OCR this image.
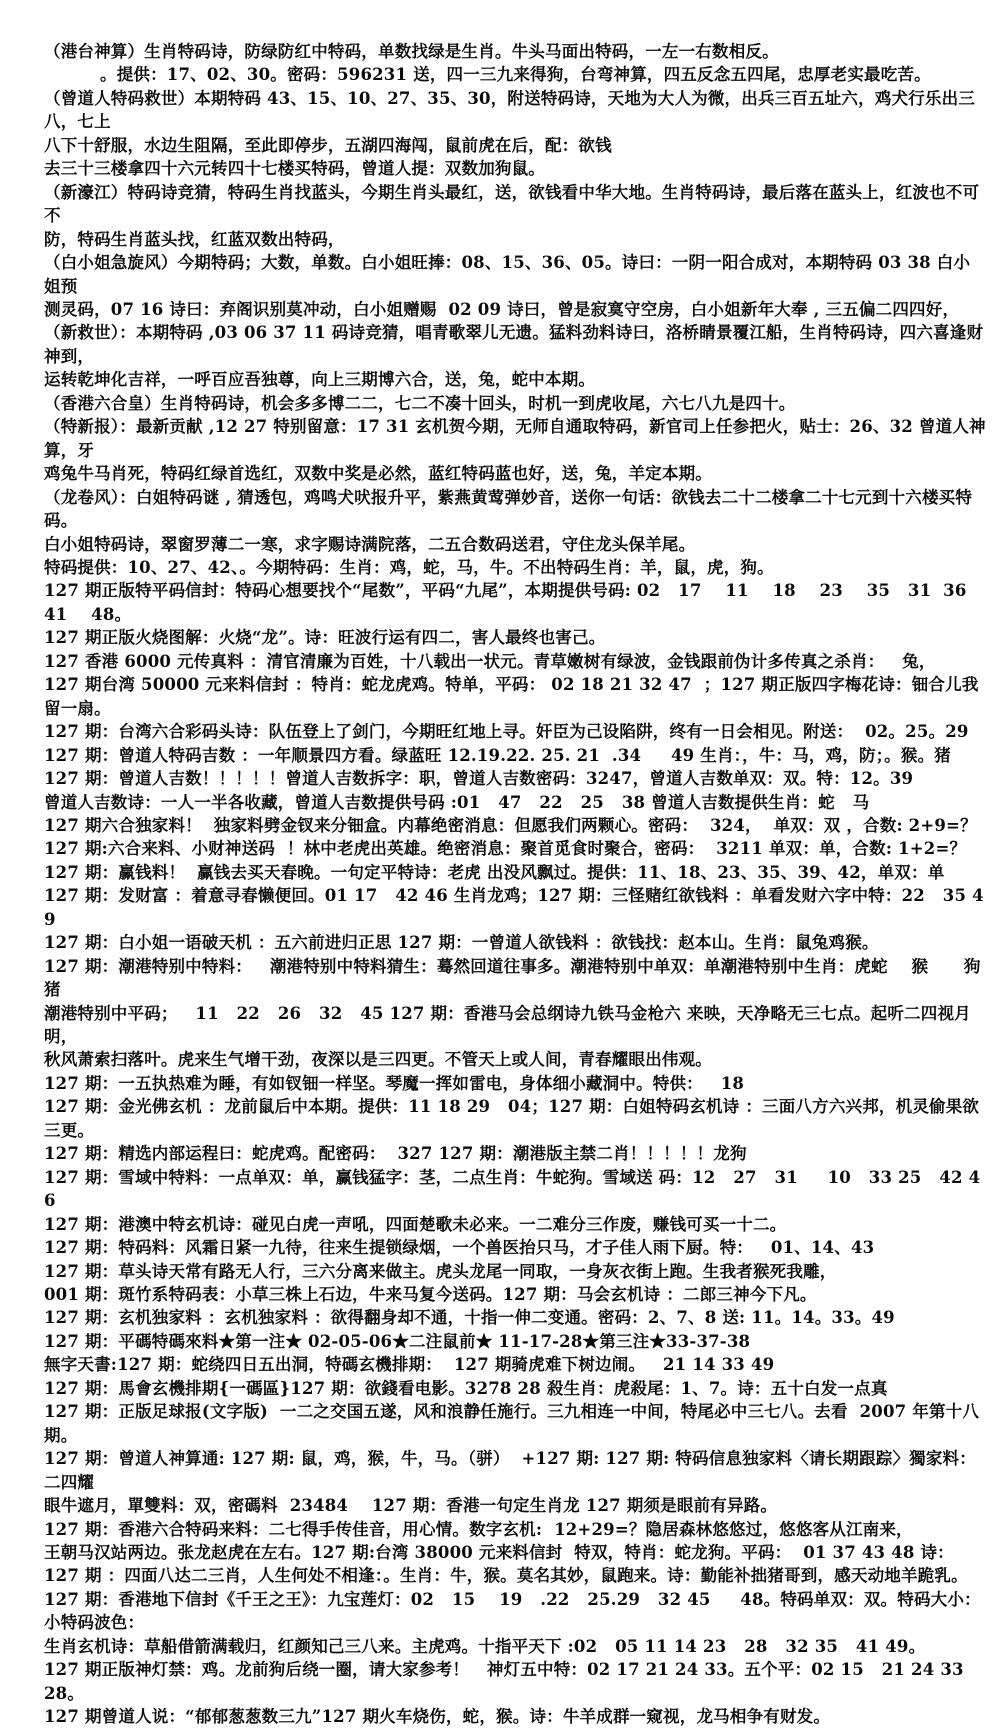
（港台神算）生肖特码诗，防绿防红中特码，单数找绿是生肖。牛头马面出特码，一左一右数相反。
。提供：17、02、30。密码：596231 送，四一三九来得狗，台弯神算，四五反念五四尾，忠厚老实最吃苦。
（曾道人特码救世）本期特码 43、15、10、27、35、30，附送特码诗，天地为大人为微，出兵三百五址六，鸡犬行乐出三八，七上
八下十舒服，水边生阻隔，至此即停步，五湖四海闯，鼠前虎在后，配：欲钱
去三十三楼拿四十六元转四十七楼买特码，曾道人提：双数加狗鼠。
（新濠江）特码诗竞猜，特码生肖找蓝头，今期生肖头最红，送，欲钱看中华大地。生肖特码诗，最后落在蓝头上，红波也不可不
防，特码生肖蓝头找，红蓝双数出特码，
（白小姐急旋风）今期特码；大数，单数。白小姐旺捧：08、15、36、05。诗曰：一阴一阳合成对，本期特码 03 38 白小姐预
测灵码，07 16 诗曰：弃阁识别莫冲动，白小姐赠赐  02 09 诗曰，曾是寂寞守空房，白小姐新年大奉 , 三五偏二四四好，
（新救世）：本期特码 ,03 06 37 11 码诗竞猜，唱青歌翠儿无遗。猛料劲料诗曰，洛桥睛景覆江船，生肖特码诗，四六喜逢财神到，
运转乾坤化吉祥，一呼百应吾独尊，向上三期博六合，送，兔，蛇中本期。
（香港六合皇）生肖特码诗，机会多多博二二，七二不凑十回头，时机一到虎收尾，六七八九是四十。
（特新报）：最新贡献 ,12 27 特别留意：17 31 玄机贺今期，无师自通取特码，新官司上任参把火，贴士：26、32 曾道人神算，牙
鸡兔牛马肖死，特码红绿首选红，双数中奖是必然，蓝红特码蓝也好，送，兔，羊定本期。
（龙卷风）：白姐特码谜 , 猜透包，鸡鸣犬吠报升平，紫燕黄莺弹妙音，送你一句话：欲钱去二十二楼拿二十七元到十六楼买特码。
白小姐特码诗，翠窗罗薄二一寒，求字赐诗满院落，二五合数码送君，守住龙头保羊尾。
特码提供：10、27、42、。今期特码：生肖：鸡，蛇，马，牛。不出特码生肖：羊，鼠，虎，狗。
127 期正版特平码信封：特码心想要找个“尾数”，平码“九尾”，本期提供号码: 02   17    11    18    23    35   31  36  41    48。
127 期正版火烧图解：火烧“龙”。诗：旺波行运有四二，害人最终也害己。
127 香港 6000 元传真料 ：清官清廉为百姓，十八载出一状元。青草嫩树有绿波，金钱跟前伪计多传真之杀肖：   兔，
127 期台湾 50000 元来料信封 ：特肖：蛇龙虎鸡。特单，平码： 02 18 21 32 47  ；127 期正版四字梅花诗：钿合儿我留一扇。
127 期：台湾六合彩码头诗：队伍登上了剑门，今期旺红地上寻。奸臣为己设陷阱，终有一日会相见。附送：  02。25。29
127 期：曾道人特码吉数 ：一年顺景四方看。绿蓝旺 12.19.22. 25. 21  .34     49 生肖：，牛：马，鸡，防；。猴。猪
127 期：曾道人吉数！！！！！曾道人吉数拆字：职，曾道人吉数密码：3247，曾道人吉数单双：双。特：12。39
曾道人吉数诗：一人一半各收藏，曾道人吉数提供号码 :01   47   22   25   38 曾道人吉数提供生肖：蛇   马
127 期六合独家料！  独家料劈金钗来分钿盒。内幕绝密消息：但愿我们两颗心。密码：  324，  单双：双 ，合数: 2+9=？
127 期:六合来料、小财神送码  ！林中老虎出英雄。绝密消息：聚首觅食时聚合，密码：  3211 单双：单，合数: 1+2=？
127 期：赢钱料！  赢钱去买天春晚。一句定平特诗：老虎 出没风飘过。提供：11、18、23、35、39、42，单双：单
127 期：发财富 ：着意寻春懒便回。01 17   42 46 生肖龙鸡；127 期：三怪赌红欲钱料 ：单看发财六字中特：22   35 49
127 期：白小姐一语破天机 ：五六前进归正思 127 期：一曾道人欲钱料 ：欲钱找：赵本山。生肖：鼠兔鸡猴。
127 期：潮港特别中特料：   潮港特别中特料猜生：蓦然回道往事多。潮港特别中单双：单潮港特别中生肖：虎蛇    猴      狗猪
潮港特别中平码；   11   22   26   32   45 127 期：香港马会总纲诗九铁马金枪六 来映，天净略无三七点。起听二四视月明，
秋风萧索扫落叶。虎来生气增干劲，夜深以是三四更。不管天上或人间，青春耀眼出伟观。
127 期：一五执热难为睡，有如钗钿一样坚。琴魔一挥如雷电，身体细小藏洞中。特供：   18
127 期：金光佛玄机 ：龙前鼠后中本期。提供：11 18 29   04；127 期：白姐特码玄机诗 ：三面八方六兴邦，机灵偷果欲三更。
127 期：精选内部运程曰：蛇虎鸡。配密码：  327 127 期：潮港版主禁二肖！！！！！龙狗
127 期：雪域中特料：一点单双：单，赢钱猛字：茎，二点生肖：牛蛇狗。雪域送 码：12   27   31     10   33 25   42 46
127 期：港澳中特玄机诗：碰见白虎一声吼，四面楚歌未必来。一二难分三作废，赚钱可买一十二。
127 期：特码料：风霜日紧一九待，往来生提锁绿烟，一个兽医抬只马，才子佳人雨下厨。特：   01、14、43
127 期：草头诗天常有路无人行，三六分离来做主。虎头龙尾一同取，一身灰衣街上跑。生我者猴死我雕，
001 期：斑竹系特码表：小草三株上石边，牛来马复今送码。127 期：马会玄机诗 ：二郎三神今下凡。
127 期：玄机独家料 ：玄机独家料 ：欲得翻身却不通，十指一伸二变通。密码：2、7、8 送: 11。14。33。49
127 期：平碼特碼來料★第一注★ 02-05-06★二注鼠前★ 11-17-28★第三注★33-37-38
無字天書:127 期：蛇绕四日五出洞，特碼玄機排期：  127 期骑虎难下树边闹。   21 14 33 49
127 期：馬會玄機排期{一碼區}127 期：欲錢看电影。3278 28 殺生肖：虎殺尾：1、7。诗：五十白发一点真
127 期：正版足球报(文字版)  一二之交国五遂，风和浪静任施行。三九相连一中间，特尾必中三七八。去看  2007 年第十八期。
127 期：曾道人神算通: 127 期: 鼠，鸡，猴，牛，马。（骈）  +127 期: 127 期: 特码信息独家料〈请长期跟踪〉獨家料：二四耀
眼牛遮月，單雙料：双，密碼料  23484    127 期：香港一句定生肖龙 127 期须是眼前有异路。
127 期：香港六合特码来料：二七得手传佳音，用心情。数字玄机:  12+29=？隐居森林悠悠过，悠悠客从江南来，
王朝马汉站两边。张龙赵虎在左右。127 期:台湾 38000 元来料信封  特双，特肖：蛇龙狗。平码：  01 37 43 48 诗：
127 期 ：四面八达二三肖，人生何处不相逢：。生肖：牛，猴。莫名其妙，鼠跑来。诗：勤能补拙猪哥到，感天动地羊跪乳。
127 期：香港地下信封《千王之王》：九宝莲灯：02   15    19   .22   25.29   32 45     48。特码单双：双。特码大小：小特码波色：
生肖玄机诗：草船借箭满载归，红颜知己三八来。主虎鸡。十指平天下 :02   05 11 14 23   28   32 35   41 49。
127 期正版神灯禁：鸡。龙前狗后绕一圈，请大家参考！   神灯五中特：02 17 21 24 33。五个平：02 15   21 24 33   28。
127 期曾道人说：“郁郁葱葱数三九”127 期火车烧伤，蛇，猴。诗：牛羊成群一窥视，龙马相争有财发。
